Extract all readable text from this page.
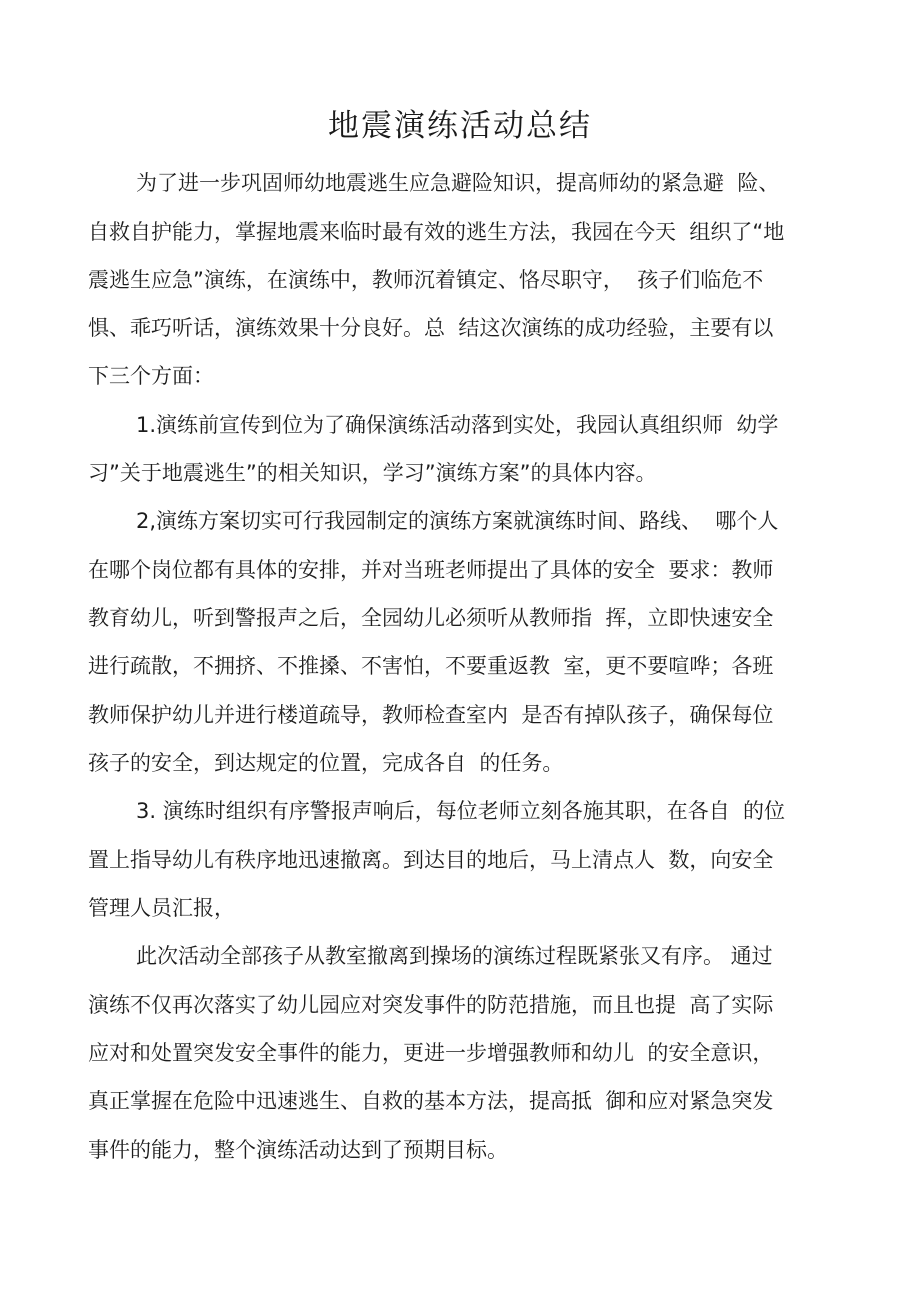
地震演练活动总结

为了进一步巩固师幼地震逃生应急避险知识，提高师幼的紧急避  险、

自救自护能力，掌握地震来临时最有效的逃生方法，我园在今天  组织了“地

震逃生应急”演练，在演练中，教师沉着镇定、恪尽职守，  孩子们临危不

惧、乖巧听话，演练效果十分良好。总  结这次演练的成功经验，主要有以

下三个方面：

1.演练前宣传到位为了确保演练活动落到实处，我园认真组织师  幼学

习”关于地震逃生”的相关知识，学习”演练方案”的具体内容。

2,演练方案切实可行我园制定的演练方案就演练时间、路线、  哪个人

在哪个岗位都有具体的安排，并对当班老师提出了具体的安全  要求：教师

教育幼儿，听到警报声之后，全园幼儿必须听从教师指  挥，立即快速安全

进行疏散，不拥挤、不推搡、不害怕，不要重返教  室，更不要喧哗；各班

教师保护幼儿并进行楼道疏导，教师检查室内  是否有掉队孩子，确保每位

孩子的安全，到达规定的位置，完成各自  的任务。

3. 演练时组织有序警报声响后，每位老师立刻各施其职，在各自  的位

置上指导幼儿有秩序地迅速撤离。到达目的地后，马上清点人  数，向安全

管理人员汇报，

此次活动全部孩子从教室撤离到操场的演练过程既紧张又有序。 通过

演练不仅再次落实了幼儿园应对突发事件的防范措施，而且也提  高了实际

应对和处置突发安全事件的能力，更进一步增强教师和幼儿  的安全意识，

真正掌握在危险中迅速逃生、自救的基本方法，提高抵  御和应对紧急突发

事件的能力，整个演练活动达到了预期目标。
